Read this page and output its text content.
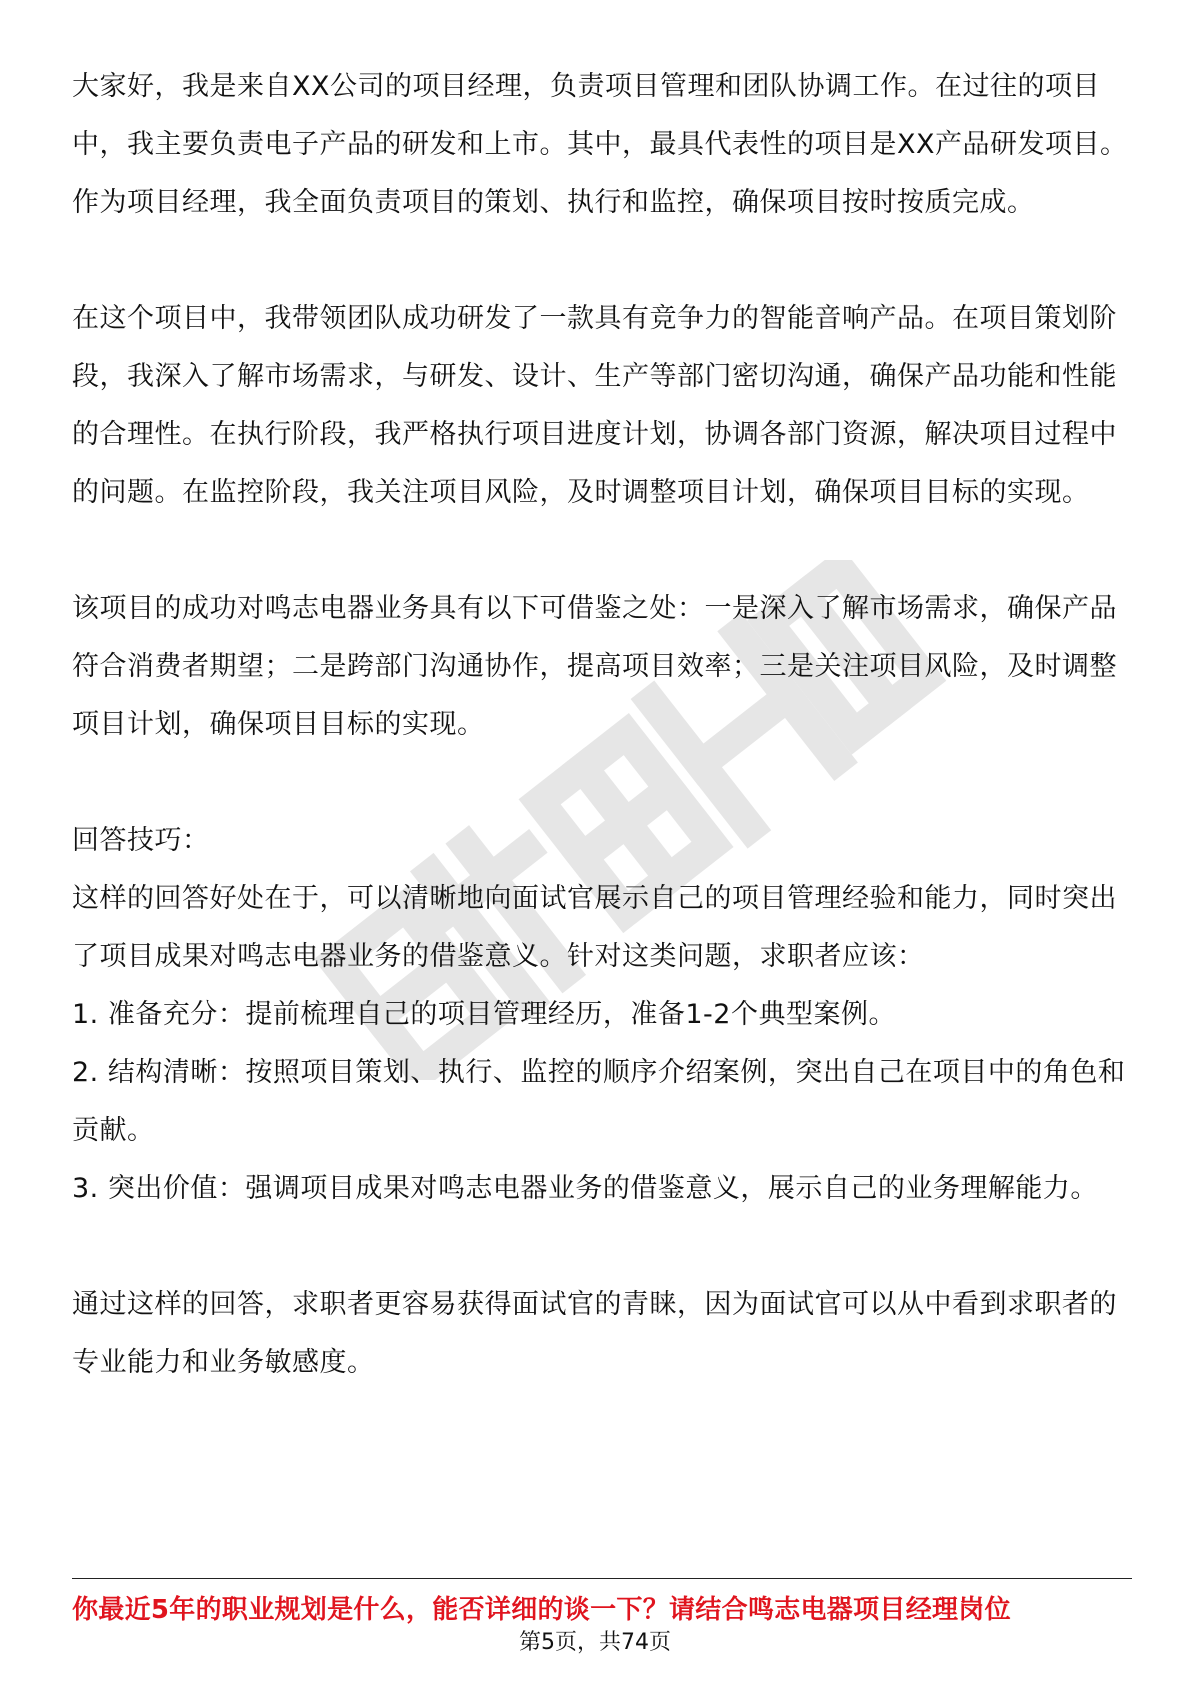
大家好，我是来自XX公司的项目经理，负责项目管理和团队协调工作。在过往的项目中，我主要负责电子产品的研发和上市。其中，最具代表性的项目是XX产品研发项目。作为项目经理，我全面负责项目的策划、执行和监控，确保项目按时按质完成。

在这个项目中，我带领团队成功研发了一款具有竞争力的智能音响产品。在项目策划阶段，我深入了解市场需求，与研发、设计、生产等部门密切沟通，确保产品功能和性能的合理性。在执行阶段，我严格执行项目进度计划，协调各部门资源，解决项目过程中的问题。在监控阶段，我关注项目风险，及时调整项目计划，确保项目目标的实现。

该项目的成功对鸣志电器业务具有以下可借鉴之处：一是深入了解市场需求，确保产品符合消费者期望；二是跨部门沟通协作，提高项目效率；三是关注项目风险，及时调整项目计划，确保项目目标的实现。

回答技巧：

这样的回答好处在于，可以清晰地向面试官展示自己的项目管理经验和能力，同时突出了项目成果对鸣志电器业务的借鉴意义。针对这类问题，求职者应该：

1. 准备充分：提前梳理自己的项目管理经历，准备1-2个典型案例。

2. 结构清晰：按照项目策划、执行、监控的顺序介绍案例，突出自己在项目中的角色和贡献。

3. 突出价值：强调项目成果对鸣志电器业务的借鉴意义，展示自己的业务理解能力。

通过这样的回答，求职者更容易获得面试官的青睐，因为面试官可以从中看到求职者的专业能力和业务敏感度。

你最近5年的职业规划是什么，能否详细的谈一下？请结合鸣志电器项目经理岗位
第5页，共74页
